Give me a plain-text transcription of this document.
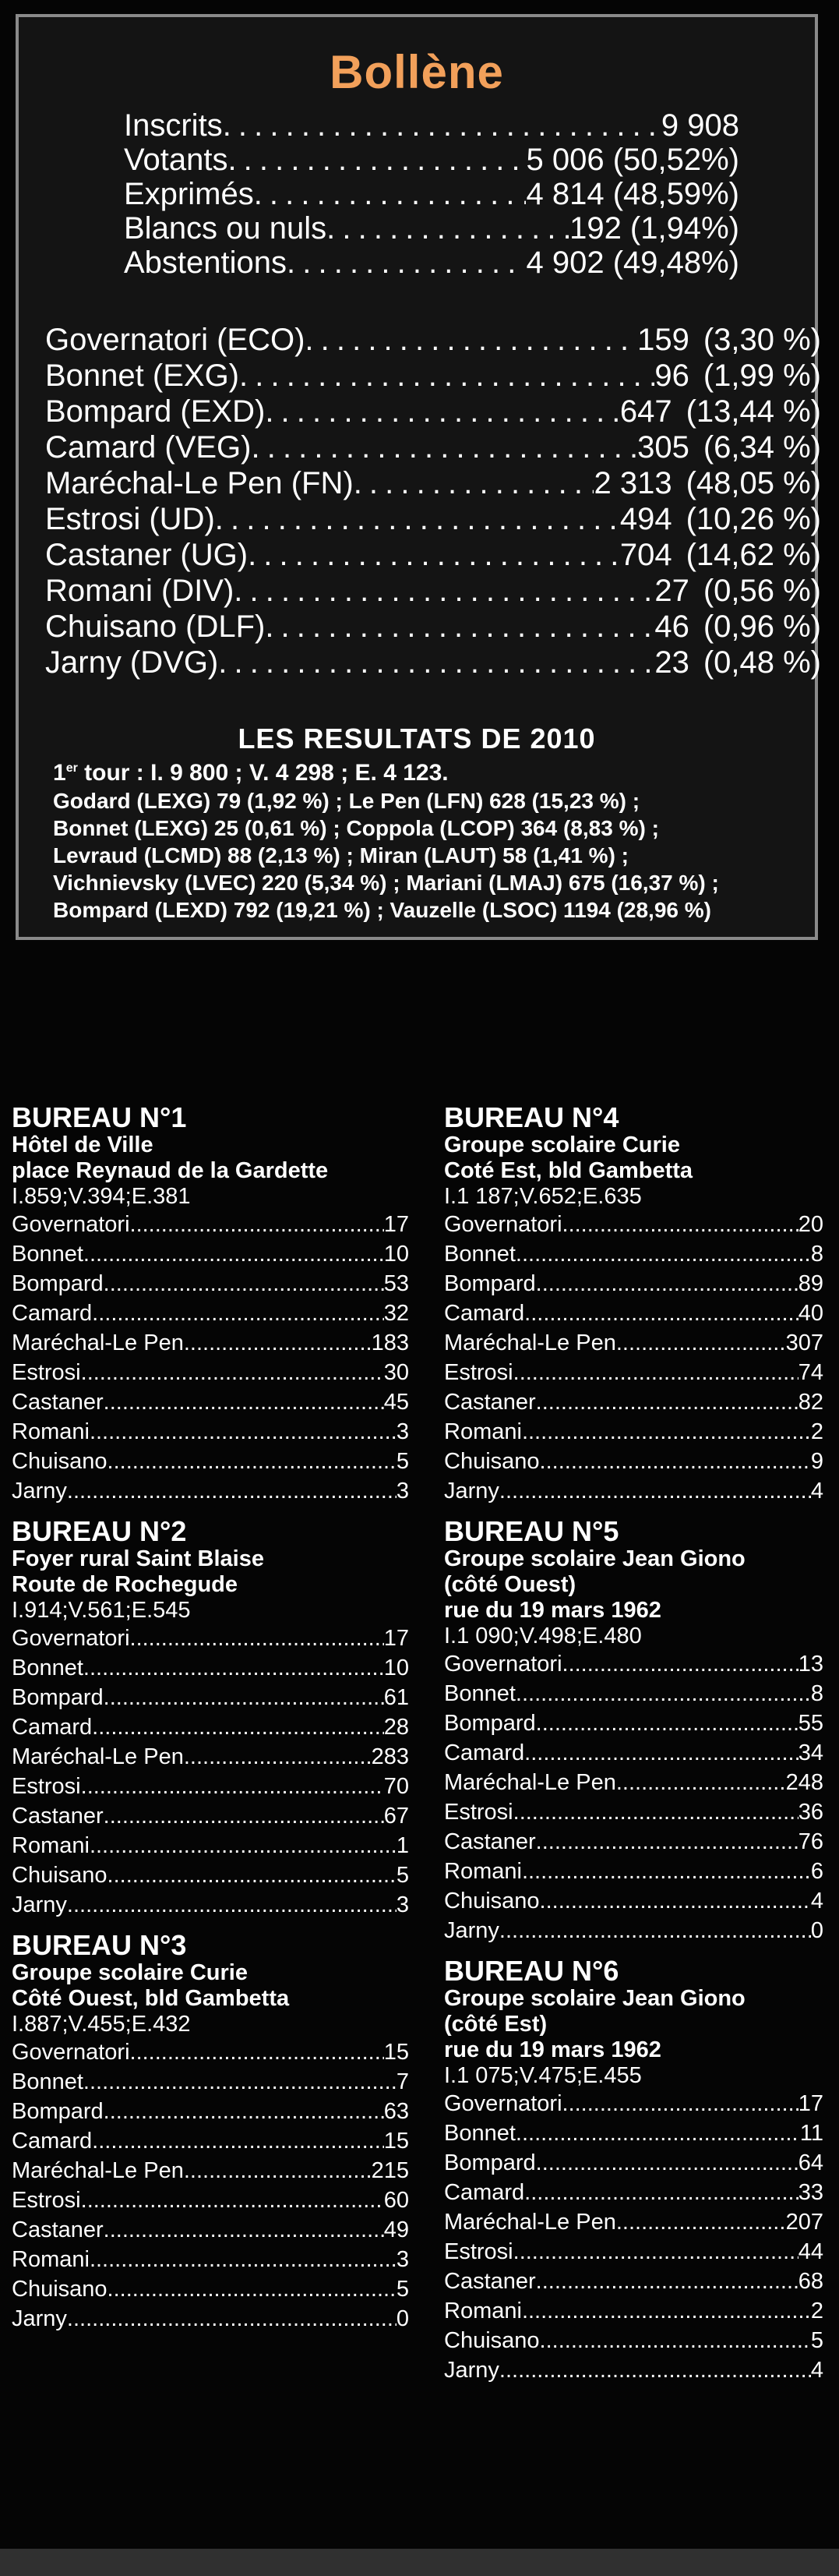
Bollène
Inscrits . . .	9 908
Votants . . .	5 006 (50,52%)
Exprimés . . .	4 814 (48,59%)
Blancs ou nuls . . .	192 (1,94%)
Abstentions . . .	4 902 (49,48%)
Governatori (ECO) . . .	159 (3,30 %)
Bonnet (EXG) . . .	96 (1,99 %)
Bompard (EXD) . . .	647 (13,44 %)
Camard (VEG) . . .	305 (6,34 %)
Maréchal-Le Pen (FN) . . .	2 313 (48,05 %)
Estrosi (UD) . . .	494 (10,26 %)
Castaner (UG) . . .	704 (14,62 %)
Romani (DIV) . . .	27 (0,56 %)
Chuisano (DLF) . . .	46 (0,96 %)
Jarny (DVG) . . .	23 (0,48 %)
LES RESULTATS DE 2010
1er tour : I. 9 800 ; V. 4 298 ; E. 4 123.
Godard (LEXG) 79 (1,92 %) ; Le Pen (LFN) 628 (15,23 %) ;
Bonnet (LEXG) 25 (0,61 %) ; Coppola (LCOP) 364 (8,83 %) ;
Levraud (LCMD) 88 (2,13 %) ; Miran (LAUT) 58 (1,41 %) ;
Vichnievsky (LVEC) 220 (5,34 %) ; Mariani (LMAJ) 675 (16,37 %) ;
Bompard (LEXD) 792 (19,21 %) ; Vauzelle (LSOC) 1194 (28,96 %)
BUREAU N°1
Hôtel de Ville
place Reynaud de la Gardette
I.859;V.394;E.381
Governatori .....	17
Bonnet .....	10
Bompard .....	53
Camard .....	32
Maréchal-Le Pen .....	183
Estrosi .....	30
Castaner .....	45
Romani .....	3
Chuisano .....	5
Jarny .....	3
BUREAU N°2
Foyer rural Saint Blaise
Route de Rochegude
I.914;V.561;E.545
Governatori .....	17
Bonnet .....	10
Bompard .....	61
Camard .....	28
Maréchal-Le Pen .....	283
Estrosi .....	70
Castaner .....	67
Romani .....	1
Chuisano .....	5
Jarny .....	3
BUREAU N°3
Groupe scolaire Curie
Côté Ouest, bld Gambetta
I.887;V.455;E.432
Governatori .....	15
Bonnet .....	7
Bompard .....	63
Camard .....	15
Maréchal-Le Pen .....	215
Estrosi .....	60
Castaner .....	49
Romani .....	3
Chuisano .....	5
Jarny .....	0
BUREAU N°4
Groupe scolaire Curie
Coté Est, bld Gambetta
I.1 187;V.652;E.635
Governatori .....	20
Bonnet .....	8
Bompard .....	89
Camard .....	40
Maréchal-Le Pen .....	307
Estrosi .....	74
Castaner .....	82
Romani .....	2
Chuisano .....	9
Jarny .....	4
BUREAU N°5
Groupe scolaire Jean Giono
(côté Ouest)
rue du 19 mars 1962
I.1 090;V.498;E.480
Governatori .....	13
Bonnet .....	8
Bompard .....	55
Camard .....	34
Maréchal-Le Pen .....	248
Estrosi .....	36
Castaner .....	76
Romani .....	6
Chuisano .....	4
Jarny .....	0
BUREAU N°6
Groupe scolaire Jean Giono
(côté Est)
rue du 19 mars 1962
I.1 075;V.475;E.455
Governatori .....	17
Bonnet .....	11
Bompard .....	64
Camard .....	33
Maréchal-Le Pen .....	207
Estrosi .....	44
Castaner .....	68
Romani .....	2
Chuisano .....	5
Jarny .....	4
